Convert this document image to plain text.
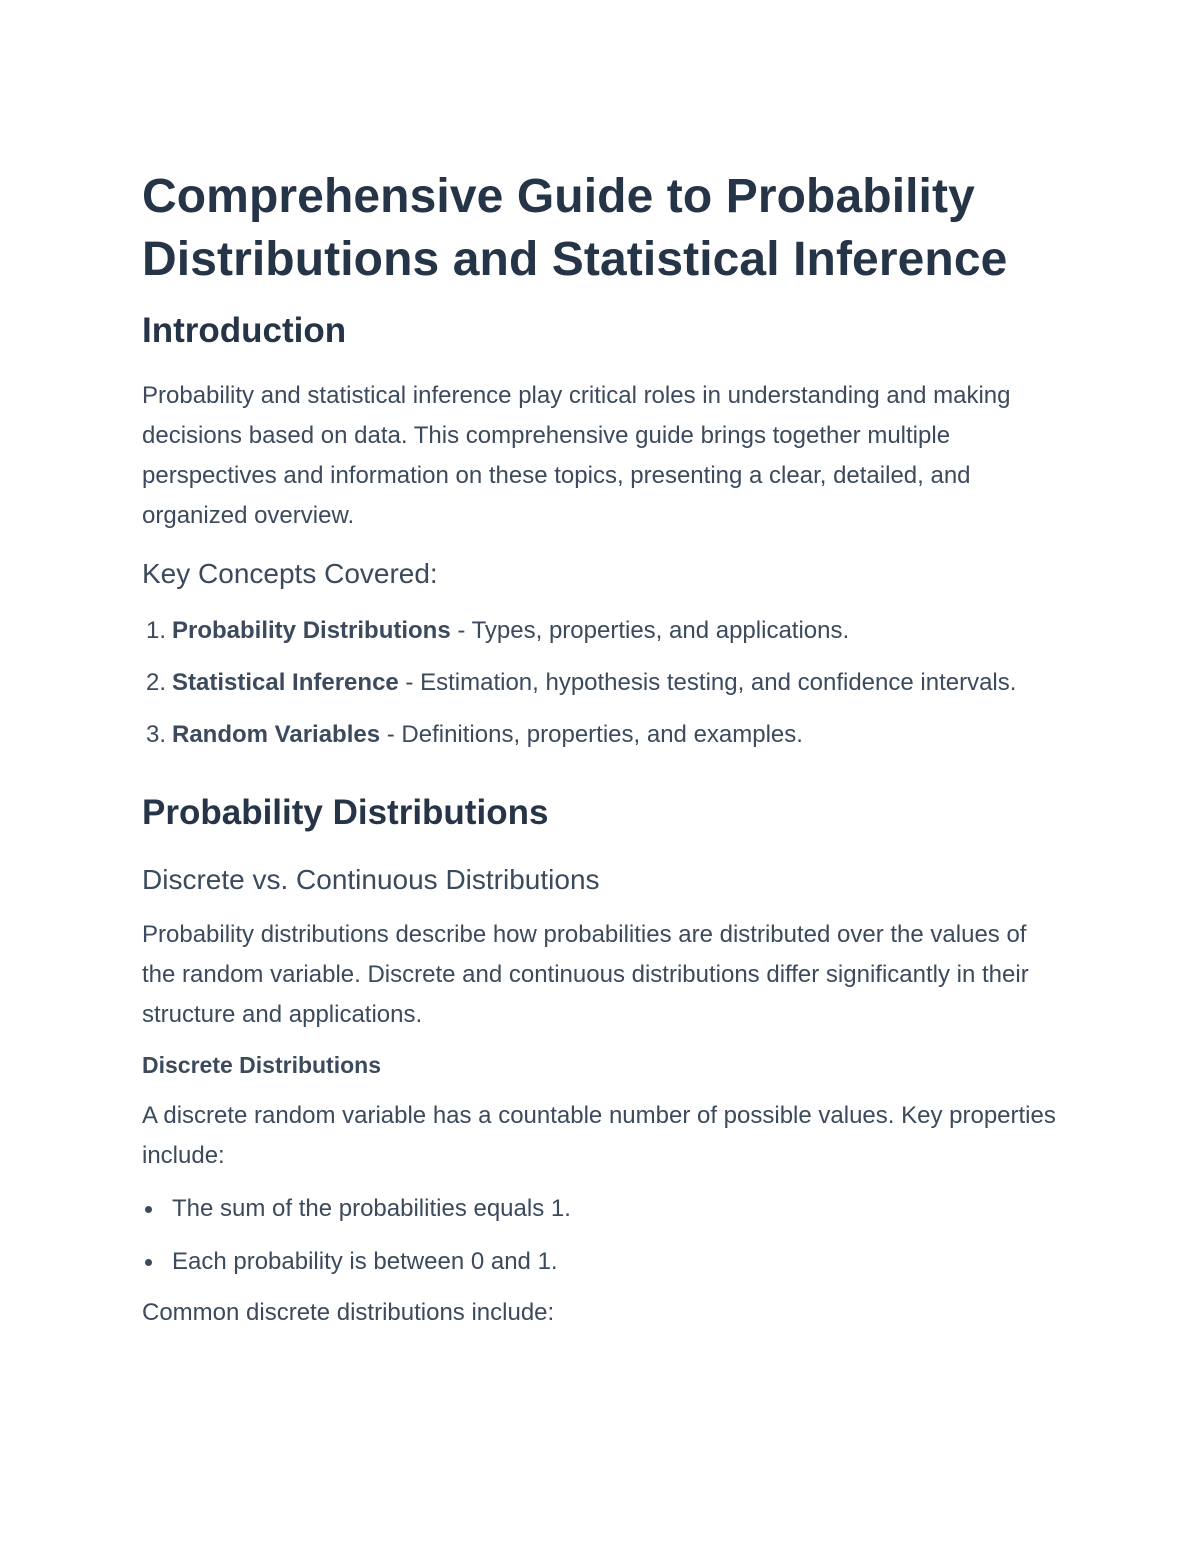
Comprehensive Guide to Probability Distributions and Statistical Inference
Introduction

Probability and statistical inference play critical roles in understanding and making decisions based on data. This comprehensive guide brings together multiple perspectives and information on these topics, presenting a clear, detailed, and organized overview.

Key Concepts Covered:
1. Probability Distributions - Types, properties, and applications.
2. Statistical Inference - Estimation, hypothesis testing, and confidence intervals.
3. Random Variables - Definitions, properties, and examples.
Probability Distributions
Discrete vs. Continuous Distributions

Probability distributions describe how probabilities are distributed over the values of the random variable. Discrete and continuous distributions differ significantly in their structure and applications.

Discrete Distributions

A discrete random variable has a countable number of possible values. Key properties include:

The sum of the probabilities equals 1.
Each probability is between 0 and 1.

Common discrete distributions include:
